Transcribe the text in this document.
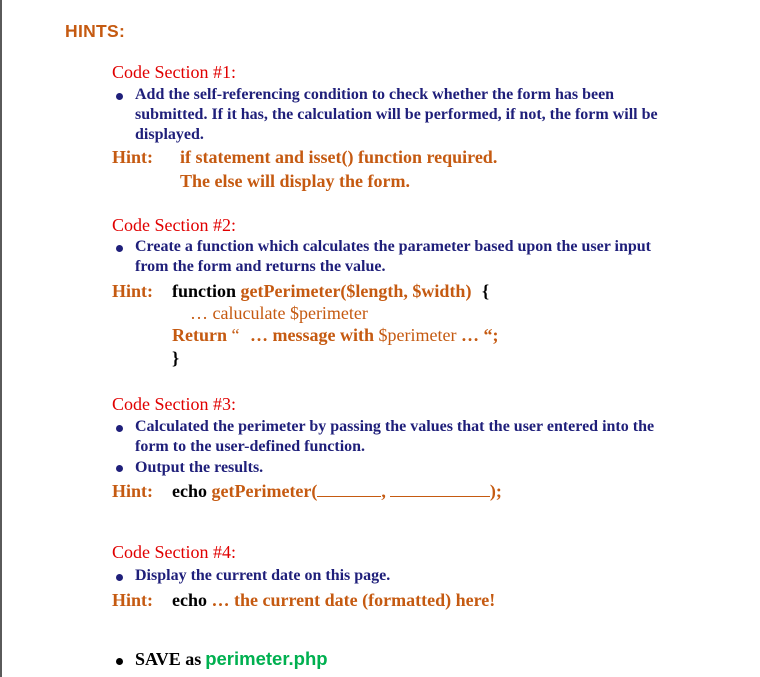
HINTS:
Code Section #1:
Add the self-referencing condition to check whether the form has been
submitted. If it has, the calculation will be performed, if not, the form will be
displayed.
Hint: if statement and isset() function required.
The else will display the form.
Code Section #2:
Create a function which calculates the parameter based upon the user input
from the form and returns the value.
Hint: function getPerimeter($length, $width) {
… caluculate $perimeter
Return “ … message with $perimeter … “;
}
Code Section #3:
Calculated the perimeter by passing the values that the user entered into the
form to the user-defined function.
Output the results.
Hint: echo getPerimeter(	,	);
Code Section #4:
Display the current date on this page.
Hint: echo … the current date (formatted) here!
SAVE as perimeter.php
